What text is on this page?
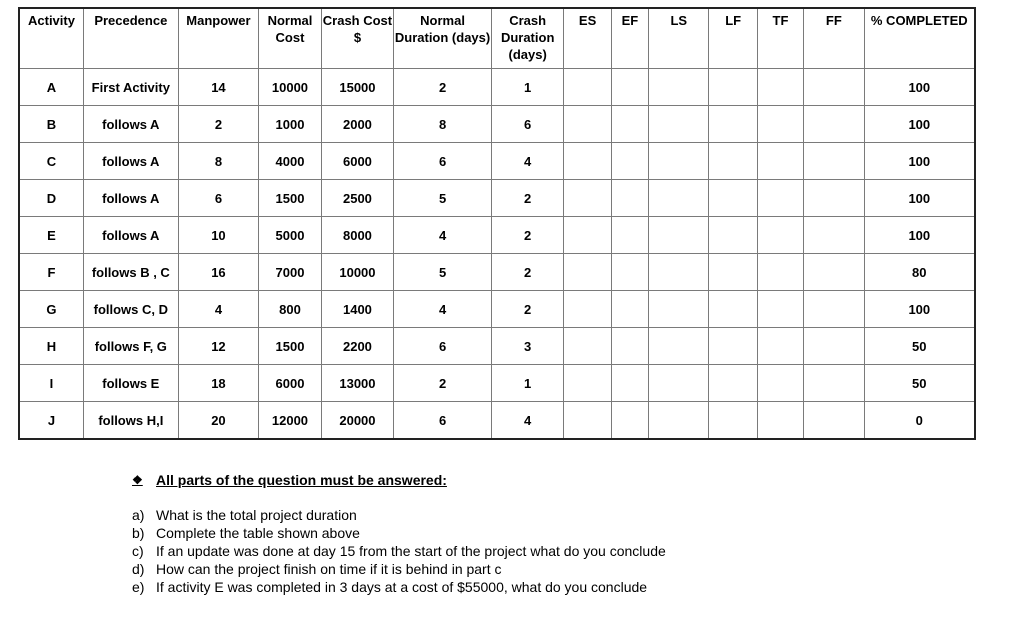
Activity	Precedence	Manpower	Normal Cost	Crash Cost $	Normal Duration (days)	Crash Duration (days)	ES	EF	LS	LF	TF	FF	% COMPLETED
A	First Activity	14	10000	15000	2	1							100
B	follows A	2	1000	2000	8	6							100
C	follows A	8	4000	6000	6	4							100
D	follows A	6	1500	2500	5	2							100
E	follows A	10	5000	8000	4	2							100
F	follows B , C	16	7000	10000	5	2							80
G	follows C, D	4	800	1400	4	2							100
H	follows F, G	12	1500	2200	6	3							50
I	follows E	18	6000	13000	2	1							50
J	follows H,I	20	12000	20000	6	4							0
❖ All parts of the question must be answered:
a) What is the total project duration
b) Complete the table shown above
c) If an update was done at day 15 from the start of the project what do you conclude
d) How can the project finish on time if it is behind in part c
e) If activity E was completed in 3 days at a cost of $55000, what do you conclude
